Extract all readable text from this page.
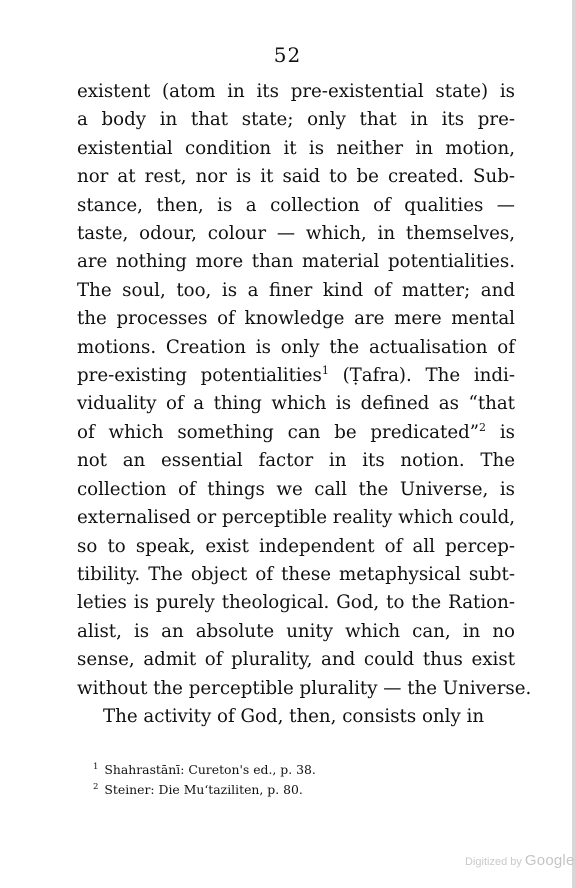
52
existent (atom in its pre-existential state) is
a body in that state; only that in its pre-
existential condition it is neither in motion,
nor at rest, nor is it said to be created. Sub-
stance, then, is a collection of qualities —
taste, odour, colour — which, in themselves,
are nothing more than material potentialities.
The soul, too, is a finer kind of matter; and
the processes of knowledge are mere mental
motions. Creation is only the actualisation of
pre-existing potentialities$^1$ (Ṭafra). The indi-
viduality of a thing which is defined as “that
of which something can be predicated”$^2$ is
not an essential factor in its notion. The
collection of things we call the Universe, is
externalised or perceptible reality which could,
so to speak, exist independent of all percep-
tibility. The object of these metaphysical subt-
leties is purely theological. God, to the Ration-
alist, is an absolute unity which can, in no
sense, admit of plurality, and could thus exist
without the perceptible plurality — the Universe.
The activity of God, then, consists only in
$^1$ Shahrastānī: Cureton's ed., p. 38.
$^2$ Steiner: Die Mu‘taziliten, p. 80.
Digitized by Google
